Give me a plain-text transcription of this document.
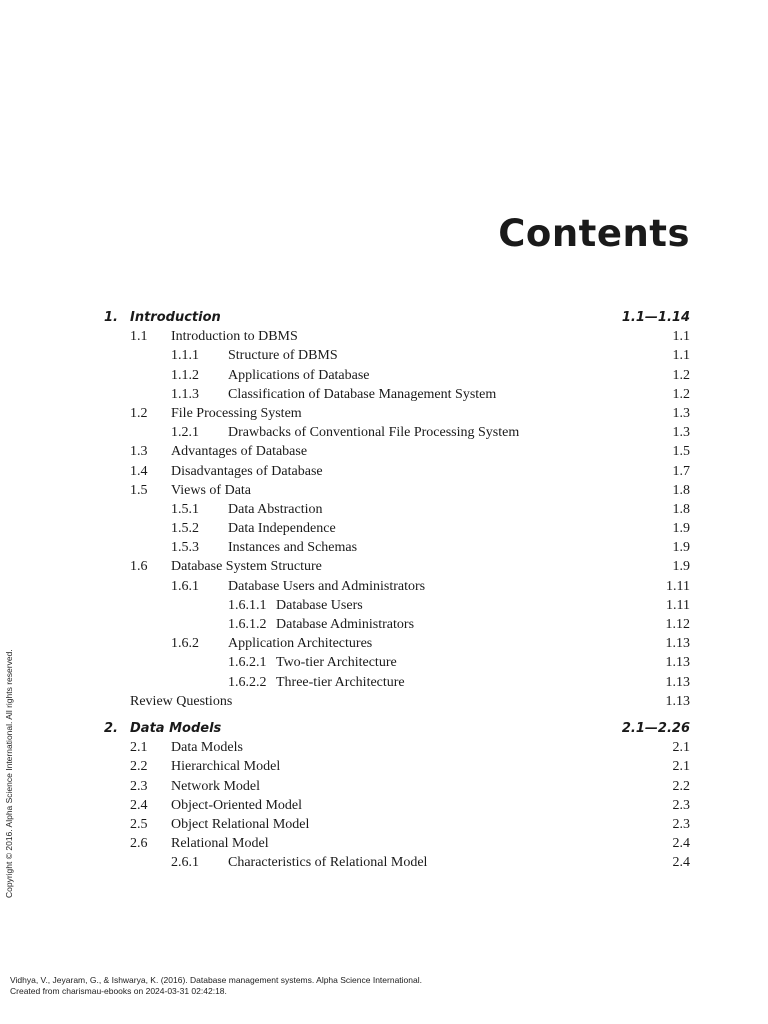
Contents
1. Introduction	1.1—1.14
1.1 Introduction to DBMS	1.1
1.1.1 Structure of DBMS	1.1
1.1.2 Applications of Database	1.2
1.1.3 Classification of Database Management System	1.2
1.2 File Processing System	1.3
1.2.1 Drawbacks of Conventional File Processing System	1.3
1.3 Advantages of Database	1.5
1.4 Disadvantages of Database	1.7
1.5 Views of Data	1.8
1.5.1 Data Abstraction	1.8
1.5.2 Data Independence	1.9
1.5.3 Instances and Schemas	1.9
1.6 Database System Structure	1.9
1.6.1 Database Users and Administrators	1.11
1.6.1.1 Database Users	1.11
1.6.1.2 Database Administrators	1.12
1.6.2 Application Architectures	1.13
1.6.2.1 Two-tier Architecture	1.13
1.6.2.2 Three-tier Architecture	1.13
Review Questions	1.13
2. Data Models	2.1—2.26
2.1 Data Models	2.1
2.2 Hierarchical Model	2.1
2.3 Network Model	2.2
2.4 Object-Oriented Model	2.3
2.5 Object Relational Model	2.3
2.6 Relational Model	2.4
2.6.1 Characteristics of Relational Model	2.4
Copyright © 2016. Alpha Science International. All rights reserved.
Vidhya, V., Jeyaram, G., & Ishwarya, K. (2016). Database management systems. Alpha Science International.
Created from charismau-ebooks on 2024-03-31 02:42:18.
